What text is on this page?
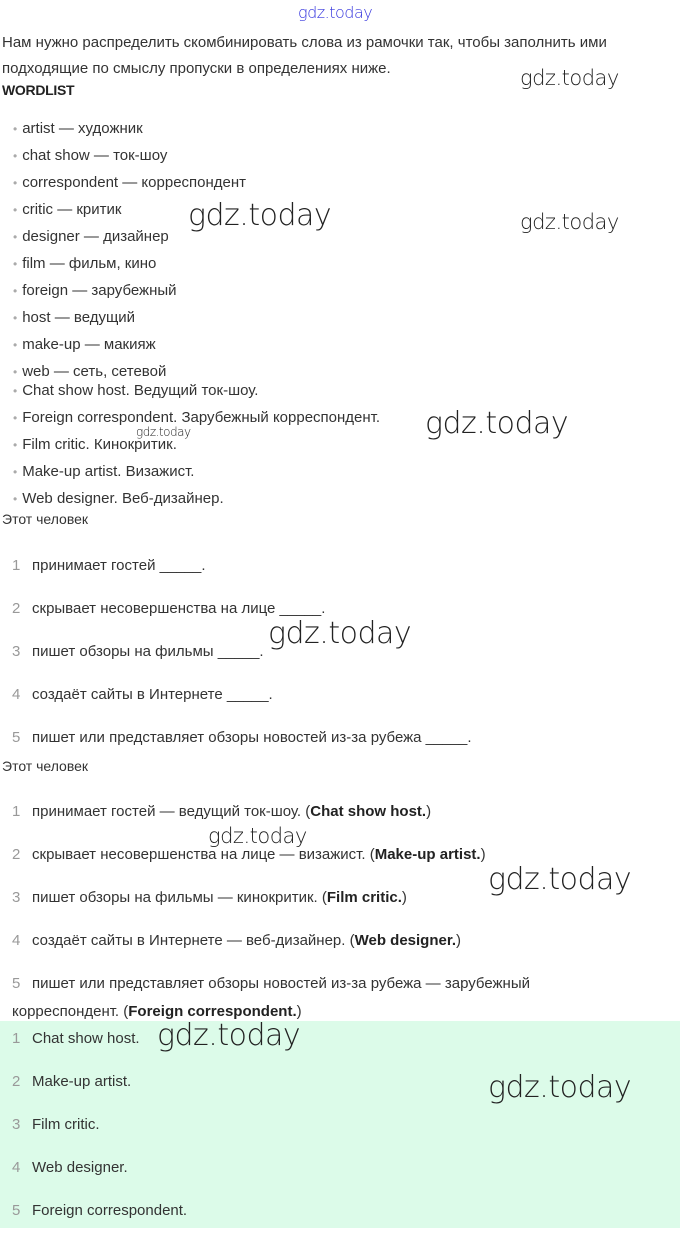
gdz.today
Нам нужно распределить скомбинировать слова из рамочки так, чтобы заполнить ими подходящие по смыслу пропуски в определениях ниже.
WORDLIST
• artist — художник
• chat show — ток-шоу
• correspondent — корреспондент
• critic — критик
• designer — дизайнер
• film — фильм, кино
• foreign — зарубежный
• host — ведущий
• make-up — макияж
• web — сеть, сетевой
• Chat show host. Ведущий ток-шоу.
• Foreign correspondent. Зарубежный корреспондент.
• Film critic. Кинокритик.
• Make-up artist. Визажист.
• Web designer. Веб-дизайнер.
Этот человек
1 принимает гостей _____.
2 скрывает несовершенства на лице _____.
3 пишет обзоры на фильмы _____.
4 создаёт сайты в Интернете _____.
5 пишет или представляет обзоры новостей из-за рубежа _____.
Этот человек
1 принимает гостей — ведущий ток-шоу. (Chat show host.)
2 скрывает несовершенства на лице — визажист. (Make-up artist.)
3 пишет обзоры на фильмы — кинокритик. (Film critic.)
4 создаёт сайты в Интернете — веб-дизайнер. (Web designer.)
5 пишет или представляет обзоры новостей из-за рубежа — зарубежный
корреспондент. (Foreign correspondent.)
1 Chat show host.
2 Make-up artist.
3 Film critic.
4 Web designer.
5 Foreign correspondent.
gdz.today
gdz.today	gdz.today
gdz.today
gdz.today
gdz.today
gdz.today
gdz.today
gdz.today
gdz.today
